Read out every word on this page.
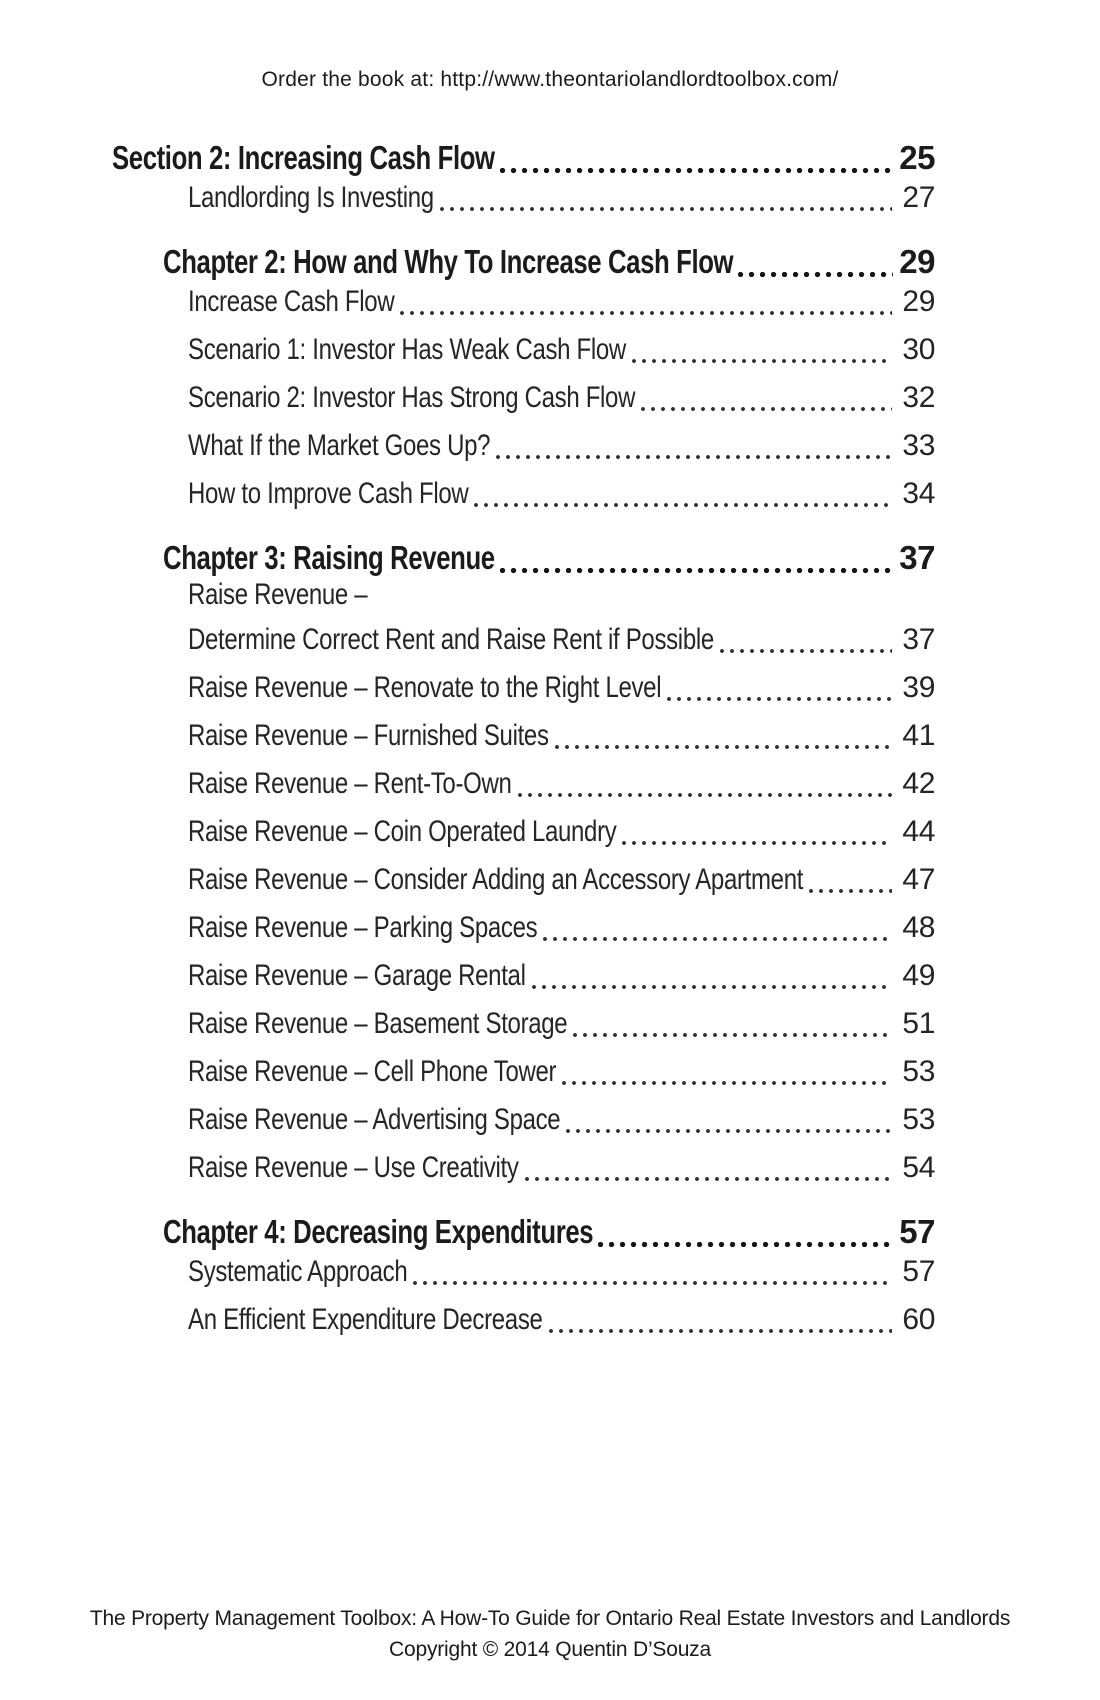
Order the book at: http://www.theontariolandlordtoolbox.com/
Section 2: Increasing Cash Flow	25
Landlording Is Investing	27
Chapter 2: How and Why To Increase Cash Flow	29
Increase Cash Flow	29
Scenario 1: Investor Has Weak Cash Flow	30
Scenario 2: Investor Has Strong Cash Flow	32
What If the Market Goes Up?	33
How to Improve Cash Flow	34
Chapter 3: Raising Revenue	37
Raise Revenue –
Determine Correct Rent and Raise Rent if Possible	37
Raise Revenue – Renovate to the Right Level	39
Raise Revenue – Furnished Suites	41
Raise Revenue – Rent-To-Own	42
Raise Revenue – Coin Operated Laundry	44
Raise Revenue – Consider Adding an Accessory Apartment	47
Raise Revenue – Parking Spaces	48
Raise Revenue – Garage Rental	49
Raise Revenue – Basement Storage	51
Raise Revenue – Cell Phone Tower	53
Raise Revenue – Advertising Space	53
Raise Revenue – Use Creativity	54
Chapter 4: Decreasing Expenditures	57
Systematic Approach	57
An Efficient Expenditure Decrease	60
The Property Management Toolbox: A How-To Guide for Ontario Real Estate Investors and Landlords
Copyright © 2014 Quentin D’Souza
